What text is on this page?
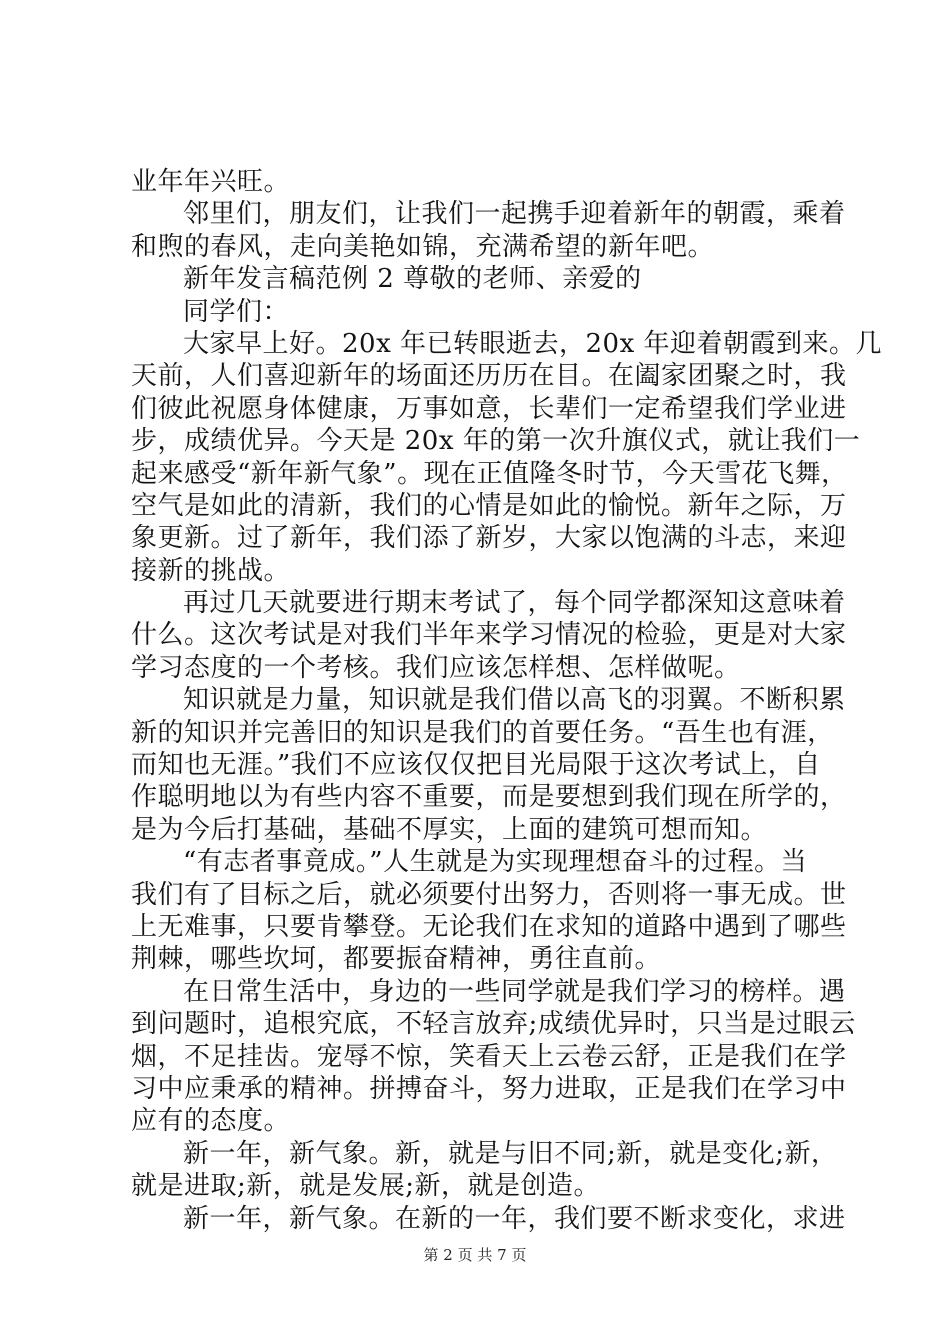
业年年兴旺。
邻里们，朋友们，让我们一起携手迎着新年的朝霞，乘着
和煦的春风，走向美艳如锦，充满希望的新年吧。
新年发言稿范例 2 尊敬的老师、亲爱的
同学们：
大家早上好。20x 年已转眼逝去，20x 年迎着朝霞到来。几
天前，人们喜迎新年的场面还历历在目。在阖家团聚之时，我
们彼此祝愿身体健康，万事如意，长辈们一定希望我们学业进
步，成绩优异。今天是 20x 年的第一次升旗仪式，就让我们一
起来感受“新年新气象”。现在正值隆冬时节，今天雪花飞舞，
空气是如此的清新，我们的心情是如此的愉悦。新年之际，万
象更新。过了新年，我们添了新岁，大家以饱满的斗志，来迎
接新的挑战。
再过几天就要进行期末考试了，每个同学都深知这意味着
什么。这次考试是对我们半年来学习情况的检验，更是对大家
学习态度的一个考核。我们应该怎样想、怎样做呢。
知识就是力量，知识就是我们借以高飞的羽翼。不断积累
新的知识并完善旧的知识是我们的首要任务。“吾生也有涯，
而知也无涯。”我们不应该仅仅把目光局限于这次考试上，自
作聪明地以为有些内容不重要，而是要想到我们现在所学的，
是为今后打基础，基础不厚实，上面的建筑可想而知。
“有志者事竟成。”人生就是为实现理想奋斗的过程。当
我们有了目标之后，就必须要付出努力，否则将一事无成。世
上无难事，只要肯攀登。无论我们在求知的道路中遇到了哪些
荆棘，哪些坎坷，都要振奋精神，勇往直前。
在日常生活中，身边的一些同学就是我们学习的榜样。遇
到问题时，追根究底，不轻言放弃;成绩优异时，只当是过眼云
烟，不足挂齿。宠辱不惊，笑看天上云卷云舒，正是我们在学
习中应秉承的精神。拼搏奋斗，努力进取，正是我们在学习中
应有的态度。
新一年，新气象。新，就是与旧不同;新，就是变化;新，
就是进取;新，就是发展;新，就是创造。
新一年，新气象。在新的一年，我们要不断求变化，求进
第 2 页 共 7 页
